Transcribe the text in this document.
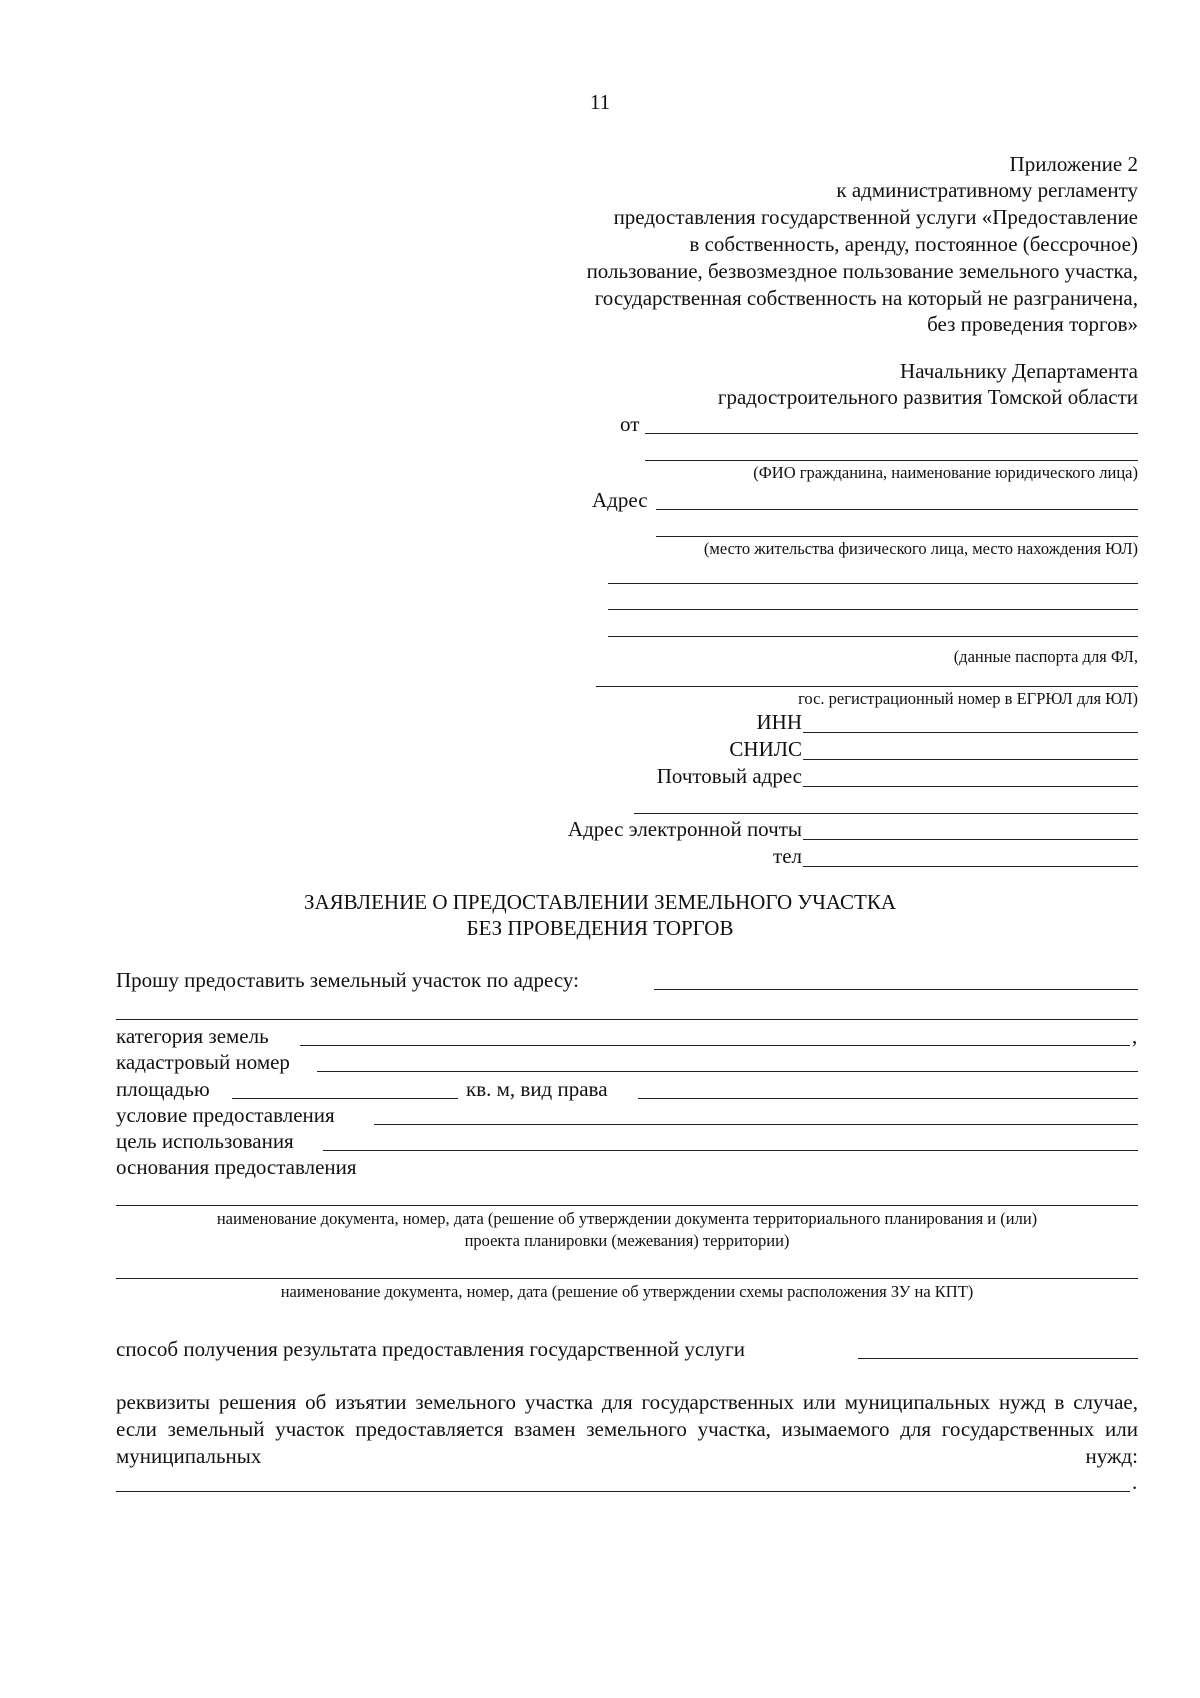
11
Приложение 2
к административному регламенту
предоставления государственной услуги «Предоставление
в собственность, аренду, постоянное (бессрочное)
пользование, безвозмездное пользование земельного участка,
государственная собственность на который не разграничена,
без проведения торгов»
Начальнику Департамента
градостроительного развития Томской области
от
(ФИО гражданина, наименование юридического лица)
Адрес
(место жительства физического лица, место нахождения ЮЛ)
(данные паспорта для ФЛ,
гос. регистрационный номер в ЕГРЮЛ для ЮЛ)
ИНН
СНИЛС
Почтовый адрес
Адрес электронной почты
тел
ЗАЯВЛЕНИЕ О ПРЕДОСТАВЛЕНИИ ЗЕМЕЛЬНОГО УЧАСТКА
БЕЗ ПРОВЕДЕНИЯ ТОРГОВ
Прошу предоставить земельный участок по адресу:
категория земель	,
кадастровый номер
площадью	кв. м, вид права
условие предоставления
цель использования
основания предоставления
наименование документа, номер, дата (решение об утверждении документа территориального планирования и (или)
проекта планировки (межевания) территории)
наименование документа, номер, дата (решение об утверждении схемы расположения ЗУ на КПТ)
способ получения результата предоставления государственной услуги
реквизиты решения об изъятии земельного участка для государственных или муниципальных нужд в случае, если земельный участок предоставляется взамен земельного участка, изымаемого для государственных или муниципальных нужд:
.
